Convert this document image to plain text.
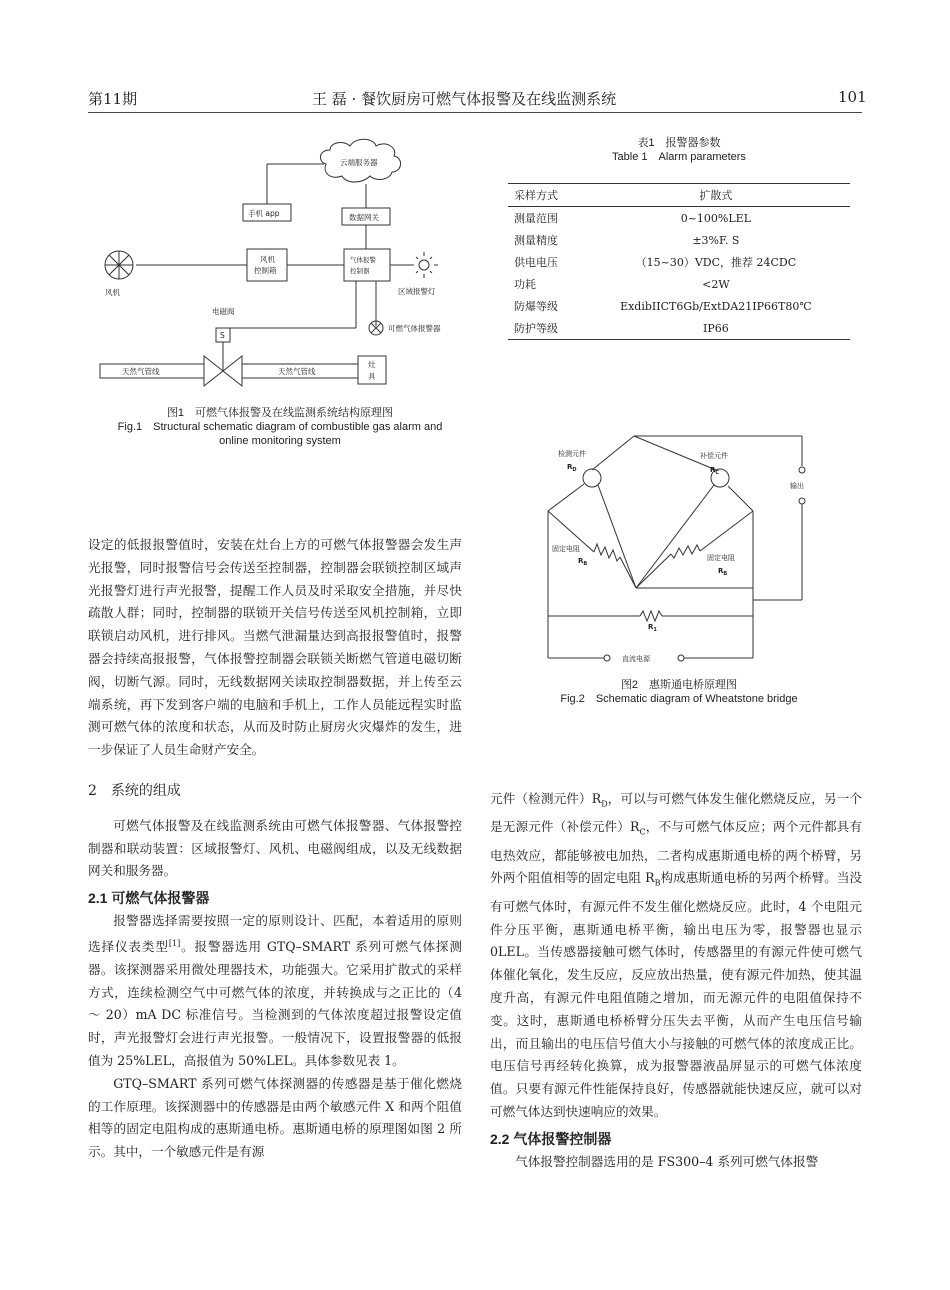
第11期	王 磊 · 餐饮厨房可燃气体报警及在线监测系统	101
云端服务器
手机 app	数据网关
风机
控制箱
气体报警
控制器
风机	区域报警灯
电磁阀
S
可燃气体报警器
天然气管线	天然气管线
灶
具
图1　可燃气体报警及在线监测系统结构原理图
Fig.1　Structural schematic diagram of combustible gas alarm and
online monitoring system
表1　报警器参数
Table 1　Alarm parameters
采样方式	扩散式
测量范围	0~100%LEL
测量精度	±3%F. S
供电电压	（15~30）VDC，推荐 24CDC
功耗	<2W
防爆等级	ExdibIICT6Gb/ExtDA21IP66T80℃
防护等级	IP66
检测元件
$R_D$
补偿元件
$R_C$
输出
固定电阻
$R_B$
固定电阻
$R_B$
$R_1$
直流电源
图2　惠斯通电桥原理图
Fig.2　Schematic diagram of Wheatstone bridge

设定的低报报警值时，安装在灶台上方的可燃气体报警器会发生声光报警，同时报警信号会传送至控制器，控制器会联锁控制区域声光报警灯进行声光报警，提醒工作人员及时采取安全措施，并尽快疏散人群；同时，控制器的联锁开关信号传送至风机控制箱，立即联锁启动风机，进行排风。当燃气泄漏量达到高报报警值时，报警器会持续高报报警，气体报警控制器会联锁关断燃气管道电磁切断阀，切断气源。同时，无线数据网关读取控制器数据，并上传至云端系统，再下发到客户端的电脑和手机上，工作人员能远程实时监测可燃气体的浓度和状态，从而及时防止厨房火灾爆炸的发生，进一步保证了人员生命财产安全。

2　系统的组成

可燃气体报警及在线监测系统由可燃气体报警器、气体报警控制器和联动装置：区域报警灯、风机、电磁阀组成，以及无线数据网关和服务器。

2.1 可燃气体报警器

报警器选择需要按照一定的原则设计、匹配，本着适用的原则选择仪表类型[1]。报警器选用 GTQ–SMART 系列可燃气体探测器。该探测器采用微处理器技术，功能强大。它采用扩散式的采样方式，连续检测空气中可燃气体的浓度，并转换成与之正比的（4 ～ 20）mA DC 标准信号。当检测到的气体浓度超过报警设定值时，声光报警灯会进行声光报警。一般情况下，设置报警器的低报值为 25%LEL，高报值为 50%LEL。具体参数见表 1。

GTQ–SMART 系列可燃气体探测器的传感器是基于催化燃烧的工作原理。该探测器中的传感器是由两个敏感元件 X 和两个阻值相等的固定电阻构成的惠斯通电桥。惠斯通电桥的原理图如图 2 所示。其中，一个敏感元件是有源

元件（检测元件）$R_D$，可以与可燃气体发生催化燃烧反应，另一个是无源元件（补偿元件）$R_C$，不与可燃气体反应；两个元件都具有电热效应，都能够被电加热，二者构成惠斯通电桥的两个桥臂，另外两个阻值相等的固定电阻 $R_B$构成惠斯通电桥的另两个桥臂。当没有可燃气体时，有源元件不发生催化燃烧反应。此时，4 个电阻元件分压平衡，惠斯通电桥平衡，输出电压为零，报警器也显示 0LEL。当传感器接触可燃气体时，传感器里的有源元件使可燃气体催化氧化，发生反应，反应放出热量，使有源元件加热，使其温度升高，有源元件电阻值随之增加，而无源元件的电阻值保持不变。这时，惠斯通电桥桥臂分压失去平衡，从而产生电压信号输出，而且输出的电压信号值大小与接触的可燃气体的浓度成正比。电压信号再经转化换算，成为报警器液晶屏显示的可燃气体浓度值。只要有源元件性能保持良好，传感器就能快速反应，就可以对可燃气体达到快速响应的效果。

2.2 气体报警控制器

气体报警控制器选用的是 FS300–4 系列可燃气体报警
